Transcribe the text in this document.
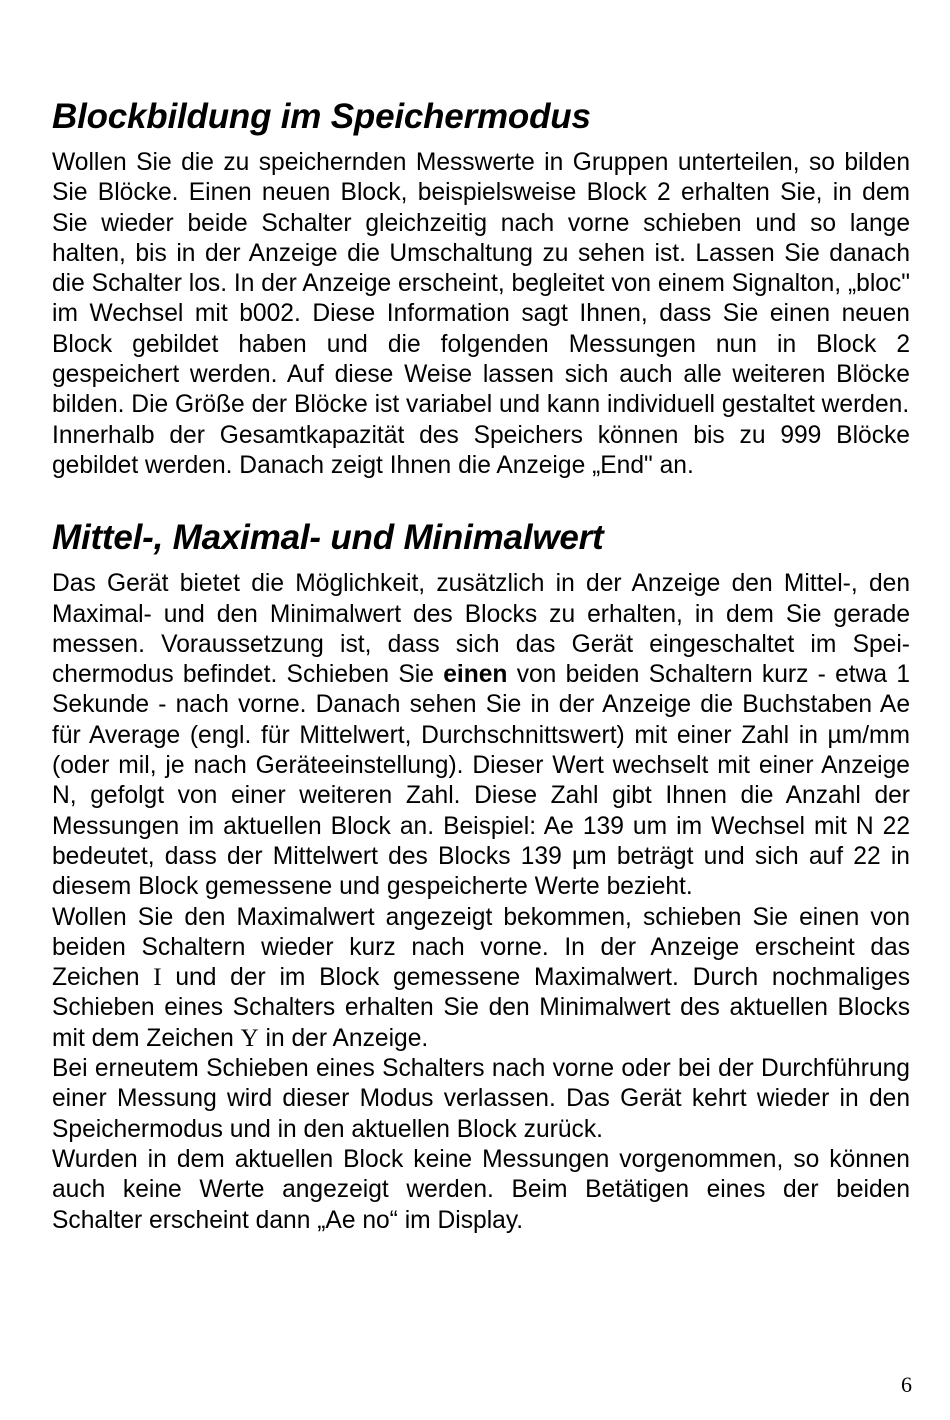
Blockbildung im Speichermodus

Wollen Sie die zu speichernden Messwerte in Gruppen unterteilen, so bilden Sie Blöcke. Einen neuen Block, beispielsweise Block 2 erhalten Sie, in dem Sie wieder beide Schalter gleichzeitig nach vorne schieben und so lange halten, bis in der Anzeige die Umschaltung zu sehen ist. Lassen Sie danach die Schalter los. In der Anzeige erscheint, begleitet von einem Signalton, „bloc" im Wechsel mit b002. Diese Information sagt Ihnen, dass Sie einen neuen Block gebildet haben und die folgenden Messungen nun in Block 2 gespeichert werden. Auf diese Weise lassen sich auch alle weiteren Blöcke bilden. Die Größe der Blöcke ist variabel und kann individuell gestaltet werden.

Innerhalb der Gesamtkapazität des Speichers können bis zu 999 Blöcke gebildet werden. Danach zeigt Ihnen die Anzeige „End" an.

Mittel-, Maximal- und Minimalwert

Das Gerät bietet die Möglichkeit, zusätzlich in der Anzeige den Mittel-, den Maximal- und den Minimalwert des Blocks zu erhalten, in dem Sie gerade messen. Voraussetzung ist, dass sich das Gerät eingeschaltet im Speichermodus befindet. Schieben Sie einen von beiden Schaltern kurz - etwa 1 Sekunde - nach vorne. Danach sehen Sie in der Anzeige die Buchstaben Ae für Average (engl. für Mittelwert, Durchschnittswert) mit einer Zahl in µm/mm (oder mil, je nach Geräteeinstellung). Dieser Wert wechselt mit einer Anzeige N, gefolgt von einer weiteren Zahl. Diese Zahl gibt Ihnen die Anzahl der Messungen im aktuellen Block an. Beispiel: Ae 139 um im Wechsel mit N 22 bedeutet, dass der Mittelwert des Blocks 139 µm beträgt und sich auf 22 in diesem Block gemessene und gespeicherte Werte bezieht.

Wollen Sie den Maximalwert angezeigt bekommen, schieben Sie einen von beiden Schaltern wieder kurz nach vorne. In der Anzeige erscheint das Zeichen I und der im Block gemessene Maximalwert. Durch nochmaliges Schieben eines Schalters erhalten Sie den Minimalwert des aktuellen Blocks mit dem Zeichen Y in der Anzeige.

Bei erneutem Schieben eines Schalters nach vorne oder bei der Durchführung einer Messung wird dieser Modus verlassen. Das Gerät kehrt wieder in den Speichermodus und in den aktuellen Block zurück.

Wurden in dem aktuellen Block keine Messungen vorgenommen, so können auch keine Werte angezeigt werden. Beim Betätigen eines der beiden Schalter erscheint dann „Ae no“ im Display.

6
